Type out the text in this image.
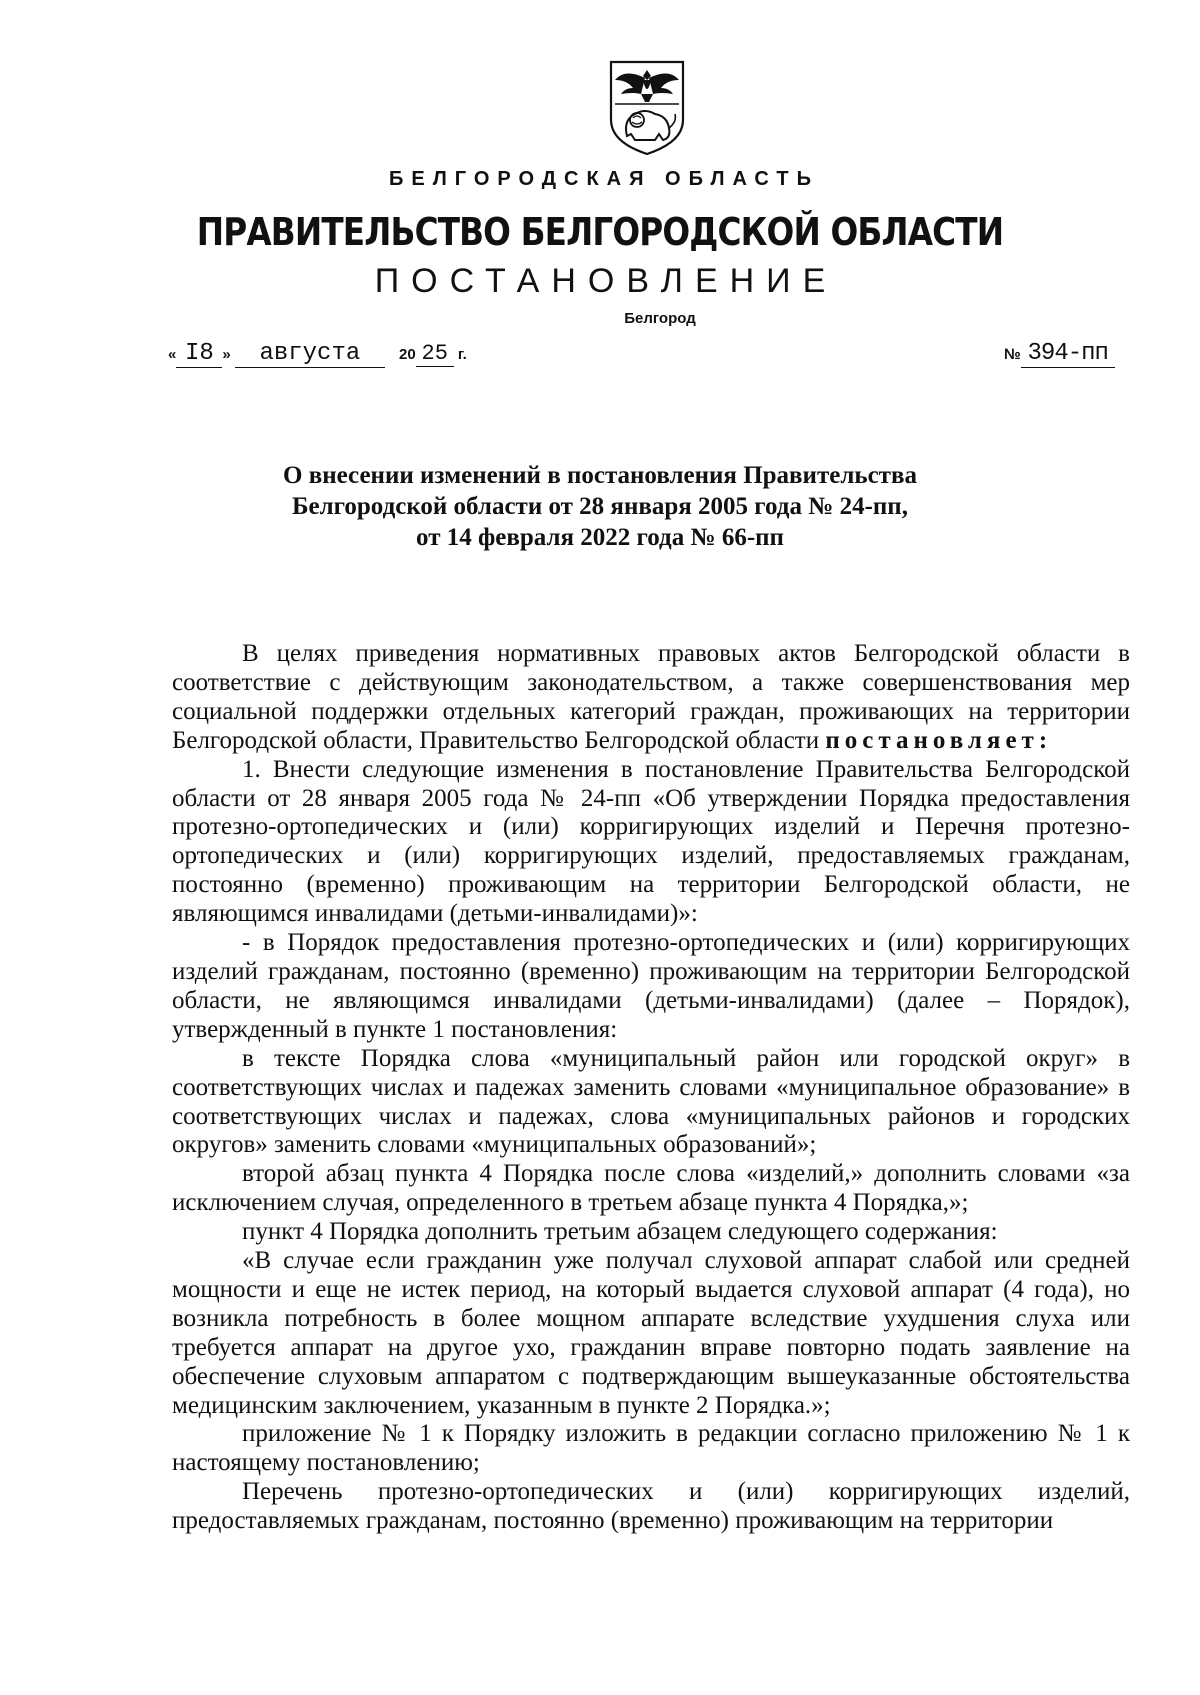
БЕЛГОРОДСКАЯ ОБЛАСТЬ
ПРАВИТЕЛЬСТВО БЕЛГОРОДСКОЙ ОБЛАСТИ
ПОСТАНОВЛЕНИЕ
Белгород
« I8 » августа	20 25 г.	№ 394-пп
О внесении изменений в постановления Правительства
Белгородской области от 28 января 2005 года № 24-пп,
от 14 февраля 2022 года № 66-пп

В целях приведения нормативных правовых актов Белгородской области в соответствие с действующим законодательством, а также совершенствования мер социальной поддержки отдельных категорий граждан, проживающих на территории Белгородской области, Правительство Белгородской области постановляет:

1. Внести следующие изменения в постановление Правительства Белгородской области от 28 января 2005 года № 24-пп «Об утверждении Порядка предоставления протезно-ортопедических и (или) корригирующих изделий и Перечня протезно-ортопедических и (или) корригирующих изделий, предоставляемых гражданам, постоянно (временно) проживающим на территории Белгородской области, не являющимся инвалидами (детьми-инвалидами)»:

- в Порядок предоставления протезно-ортопедических и (или) корригирующих изделий гражданам, постоянно (временно) проживающим на территории Белгородской области, не являющимся инвалидами (детьми-инвалидами) (далее – Порядок), утвержденный в пункте 1 постановления:

в тексте Порядка слова «муниципальный район или городской округ» в соответствующих числах и падежах заменить словами «муниципальное образование» в соответствующих числах и падежах, слова «муниципальных районов и городских округов» заменить словами «муниципальных образований»;

второй абзац пункта 4 Порядка после слова «изделий,» дополнить словами «за исключением случая, определенного в третьем абзаце пункта 4 Порядка,»;

пункт 4 Порядка дополнить третьим абзацем следующего содержания:

«В случае если гражданин уже получал слуховой аппарат слабой или средней мощности и еще не истек период, на который выдается слуховой аппарат (4 года), но возникла потребность в более мощном аппарате вследствие ухудшения слуха или требуется аппарат на другое ухо, гражданин вправе повторно подать заявление на обеспечение слуховым аппаратом с подтверждающим вышеуказанные обстоятельства медицинским заключением, указанным в пункте 2 Порядка.»;

приложение № 1 к Порядку изложить в редакции согласно приложению № 1 к настоящему постановлению;

Перечень протезно-ортопедических и (или) корригирующих изделий, предоставляемых гражданам, постоянно (временно) проживающим на территории
